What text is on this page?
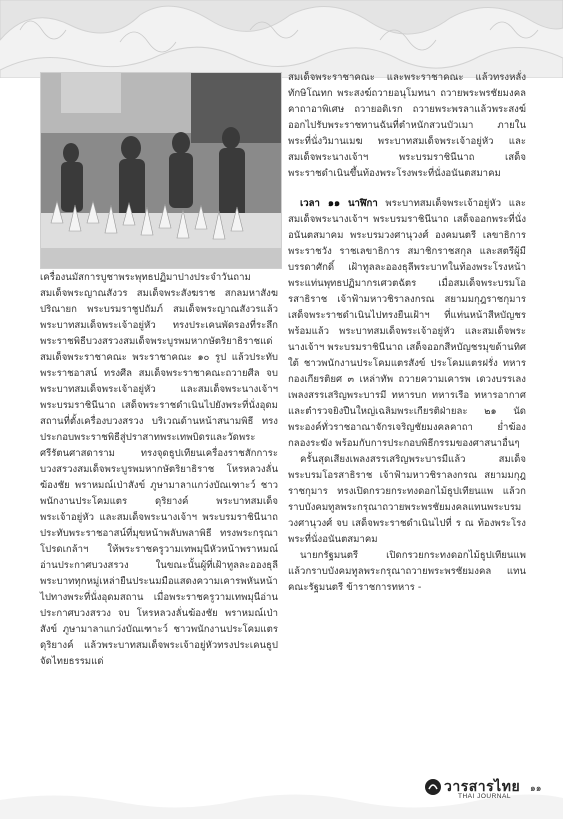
สมเด็จพระราชาคณะ และพระราชาคณะ แล้วทรงหลั่งทักษิโณทก พระสงฆ์ถวายอนุโมทนา ถวายพระพรชัยมงคลคาถาอาพิเศษ ถวายอดิเรก ถวายพระพรลาแล้วพระสงฆ์ออกไปรับพระราชทานฉันที่ตำหนักสวนบัวเมา ภายในพระที่นั่งวิมานเมฆ พระบาทสมเด็จพระเจ้าอยู่หัว และสมเด็จพระนางเจ้าฯ พระบรมราชินีนาถ เสด็จพระราชดำเนินขึ้นท้องพระโรงพระที่นั่งอนันตสมาคม

เวลา ๑๑ นาฬิกา พระบาทสมเด็จพระเจ้าอยู่หัว และสมเด็จพระนางเจ้าฯ พระบรมราชินีนาถ เสด็จออกพระที่นั่งอนันตสมาคม พระบรมวงศานุวงศ์ องคมนตรี เลขาธิการพระราชวัง ราชเลขาธิการ สมาชิกราชสกุล และสตรีผู้มีบรรดาศักดิ์ เฝ้าทูลละอองธุลีพระบาทในท้องพระโรงหน้าพระแท่นพุทธปฏิมากรเศวตฉัตร เมื่อสมเด็จพระบรมโอรสาธิราช เจ้าฟ้ามหาวชิราลงกรณ สยามมกุฎราชกุมาร เสด็จพระราชดำเนินไปทรงยืนเฝ้าฯ ที่แท่นหน้าสีหบัญชร พร้อมแล้ว พระบาทสมเด็จพระเจ้าอยู่หัว และสมเด็จพระนางเจ้าฯ พระบรมราชินีนาถ เสด็จออกสีหบัญชรมุขด้านทิศใต้ ชาวพนักงานประโคมแตรสังข์ ประโคมแตรฝรั่ง ทหารกองเกียรติยศ ๓ เหล่าทัพ ถวายความเคารพ เดวงบรรเลงเพลงสรรเสริญพระบารมี ทหารบก ทหารเรือ ทหารอากาศ และตำรวจยิงปืนใหญ่เฉลิมพระเกียรติฝ่ายละ ๒๑ นัด พระองค์ทั่วราชอาณาจักรเจริญชัยมงคลคาถา ย่ำฆ้องกลองระฆัง พร้อมกับการประกอบพิธีกรรมของศาสนาอื่นๆ

ครั้นสุดเสียงเพลงสรรเสริญพระบารมีแล้ว สมเด็จพระบรมโอรสาธิราช เจ้าฟ้ามหาวชิราลงกรณ สยามมกุฎราชกุมาร ทรงเปิดกรวยกระทงดอกไม้ธูปเทียนแพ แล้วกราบบังคมทูลพระกรุณาถวายพระพรชัยมงคลแทนพระบรมวงศานุวงศ์ จบ เสด็จพระราชดำเนินไปที่ ร ณ ท้องพระโรงพระที่นั่งอนันตสมาคม

นายกรัฐมนตรี เปิดกรวยกระทงดอกไม้ธูปเทียนแพ แล้วกราบบังคมทูลพระกรุณาถวายพระพรชัยมงคล แทนคณะรัฐมนตรี ข้าราชการทหาร -

เครื่องนมัสการบูชาพระพุทธปฏิมาปางประจำวันถาม สมเด็จพระญาณสังวร สมเด็จพระสังฆราช สกลมหาสังฆปริณายก พระบรมราชูปถัมภ์ สมเด็จพระญาณสังวรแล้ว พระบาทสมเด็จพระเจ้าอยู่หัว ทรงประเคนพัดรองที่ระลึกพระราชพิธีบวงสรวงสมเด็จพระบูรพมหากษัตริยาธิราชแด่สมเด็จพระราชาคณะ พระราชาคณะ ๑๐ รูป แล้วประทับพระราชอาสน์ ทรงศีล สมเด็จพระราชาคณะถวายศีล จบ พระบาทสมเด็จพระเจ้าอยู่หัว และสมเด็จพระนางเจ้าฯ พระบรมราชินีนาถ เสด็จพระราชดำเนินไปยังพระที่นั่งอุดมสถานที่ตั้งเครื่องบวงสรวง บริเวณด้านหน้าสนามพิธี ทรงประกอบพระราชพิธีสู่ปราสาทพระเทพบิดรและวัดพระศรีรัตนศาสดาราม ทรงจุดธูปเทียนเครื่องราชสักการะบวงสรวงสมเด็จพระบูรพมหากษัตริยาธิราช โหรหลวงลั่นฆ้องชัย พราหมณ์เป่าสังข์ ภูษามาลาแกว่งบัณเฑาะว์ ชาวพนักงานประโคมแตร ดุริยางค์ พระบาทสมเด็จพระเจ้าอยู่หัว และสมเด็จพระนางเจ้าฯ พระบรมราชินีนาถ ประทับพระราชอาสน์ที่มุขหน้าพลับพลาพิธี ทรงพระกรุณาโปรดเกล้าฯ ให้พระราชครูวามเทพมุนีหัวหน้าพราหมณ์อ่านประกาศบวงสรวง ในขณะนั้นผู้ที่เฝ้าทูลละอองธุลีพระบาททุกหมู่เหล่ายืนประนมมือแสดงความเคารพหันหน้าไปทางพระที่นั่งอุดมสถาน เมื่อพระราชครูวามเทพมุนีอ่านประกาศบวงสรวง จบ โหรหลวงลั่นฆ้องชัย พราหมณ์เป่าสังข์ ภูษามาลาแกว่งบัณเฑาะว์ ชาวพนักงานประโคมแตร ดุริยางค์ แล้วพระบาทสมเด็จพระเจ้าอยู่หัวทรงประเคนธูปจัดไทยธรรมแด่

วารสารไทย
THAI JOURNAL
๑๑
